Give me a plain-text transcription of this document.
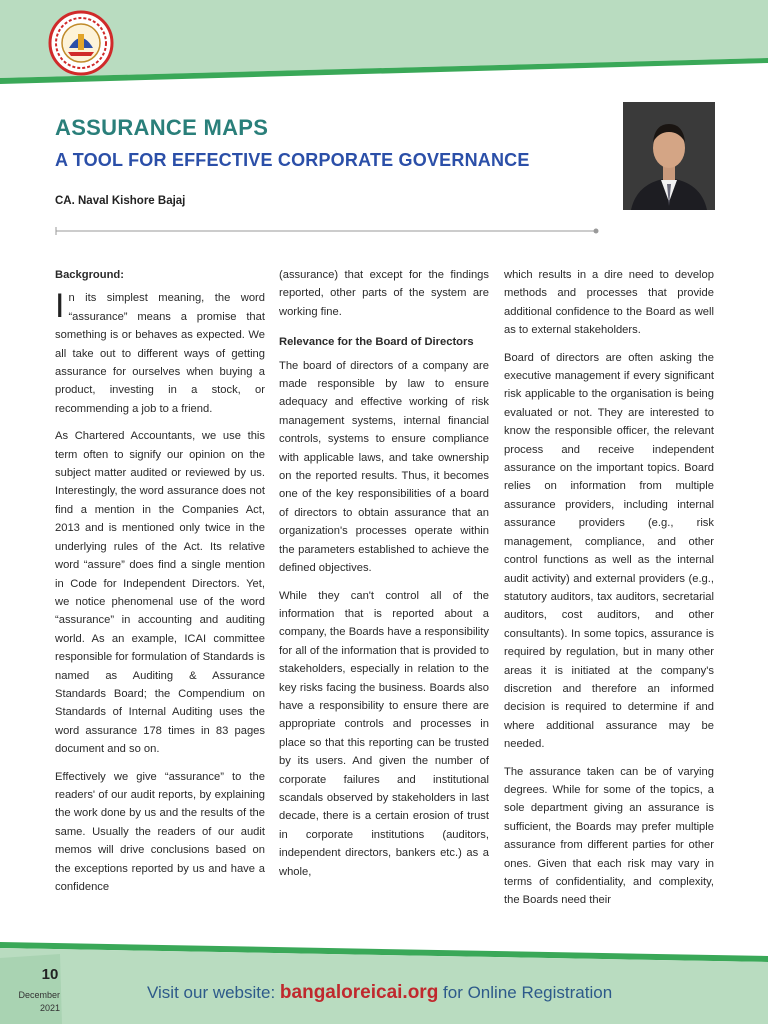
ASSURANCE MAPS
A TOOL FOR EFFECTIVE CORPORATE GOVERNANCE
CA. Naval Kishore Bajaj
Background:

In its simplest meaning, the word “assurance” means a promise that something is or behaves as expected. We all take out to different ways of getting assurance for ourselves when buying a product, investing in a stock, or recommending a job to a friend.

As Chartered Accountants, we use this term often to signify our opinion on the subject matter audited or reviewed by us. Interestingly, the word assurance does not find a mention in the Companies Act, 2013 and is mentioned only twice in the underlying rules of the Act. Its relative word “assure” does find a single mention in Code for Independent Directors. Yet, we notice phenomenal use of the word “assurance” in accounting and auditing world. As an example, ICAI committee responsible for formulation of Standards is named as Auditing & Assurance Standards Board; the Compendium on Standards of Internal Auditing uses the word assurance 178 times in 83 pages document and so on.

Effectively we give “assurance” to the readers' of our audit reports, by explaining the work done by us and the results of the same. Usually the readers of our audit memos will drive conclusions based on the exceptions reported by us and have a confidence

(assurance) that except for the findings reported, other parts of the system are working fine.

Relevance for the Board of Directors

The board of directors of a company are made responsible by law to ensure adequacy and effective working of risk management systems, internal financial controls, systems to ensure compliance with applicable laws, and take ownership on the reported results. Thus, it becomes one of the key responsibilities of a board of directors to obtain assurance that an organization's processes operate within the parameters established to achieve the defined objectives.

While they can't control all of the information that is reported about a company, the Boards have a responsibility for all of the information that is provided to stakeholders, especially in relation to the key risks facing the business. Boards also have a responsibility to ensure there are appropriate controls and processes in place so that this reporting can be trusted by its users. And given the number of corporate failures and institutional scandals observed by stakeholders in last decade, there is a certain erosion of trust in corporate institutions (auditors, independent directors, bankers etc.) as a whole,

which results in a dire need to develop methods and processes that provide additional confidence to the Board as well as to external stakeholders.

Board of directors are often asking the executive management if every significant risk applicable to the organisation is being evaluated or not. They are interested to know the responsible officer, the relevant process and receive independent assurance on the important topics. Board relies on information from multiple assurance providers, including internal assurance providers (e.g., risk management, compliance, and other control functions as well as the internal audit activity) and external providers (e.g., statutory auditors, tax auditors, secretarial auditors, cost auditors, and other consultants). In some topics, assurance is required by regulation, but in many other areas it is initiated at the company's discretion and therefore an informed decision is required to determine if and where additional assurance may be needed.

The assurance taken can be of varying degrees. While for some of the topics, a sole department giving an assurance is sufficient, the Boards may prefer multiple assurance from different parties for other ones. Given that each risk may vary in terms of confidentiality, and complexity, the Boards need their

10
December
2021
Visit our website: bangaloreicai.org for Online Registration
